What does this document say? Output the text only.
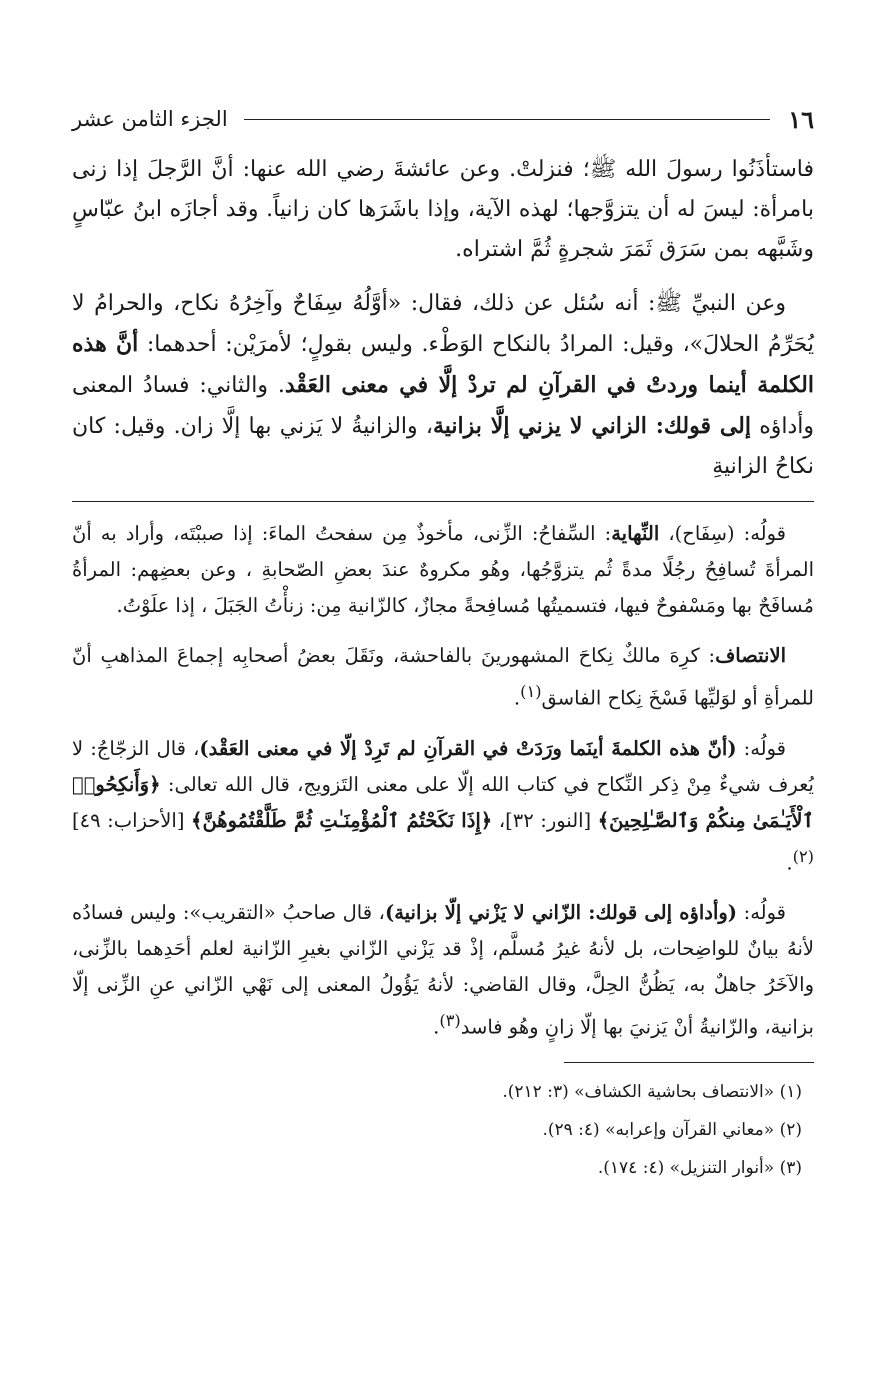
١٦
الجزء الثامن عشر

فاستأذَنُوا رسولَ الله ﷺ؛ فنزلتْ. وعن عائشةَ رضي الله عنها: أنَّ الرَّجلَ إذا زنى بامرأة: ليسَ له أن يتزوَّجها؛ لهذه الآية، وإذا باشَرَها كان زانياً. وقد أجازَه ابنُ عبّاسٍ وشَبَّهه بمن سَرَق ثَمَرَ شجرةٍ ثُمَّ اشتراه.

وعن النبيِّ ﷺ: أنه سُئل عن ذلك، فقال: «أوَّلُهُ سِفَاحٌ وآخِرُهُ نكاح، والحرامُ لا يُحَرِّمُ الحلالَ»، وقيل: المرادُ بالنكاح الوَطْء. وليس بقولٍ؛ لأمرَيْن: أحدهما: أنَّ هذه الكلمة أينما وردتْ في القرآنِ لم تردْ إلَّا في معنى العَقْد. والثاني: فسادُ المعنى وأداؤه إلى قولك: الزاني لا يزني إلَّا بزانية، والزانيةُ لا يَزني بها إلَّا زان. وقيل: كان نكاحُ الزانيةِ

قولُه: (سِفَاح)، النِّهاية: السِّفاحُ: الزِّنى، مأخوذٌ مِن سفحتُ الماءَ: إذا صببْتَه، وأراد به أنّ المرأةَ تُسافِحُ رجُلًا مدةً ثُم يتزوَّجُها، وهُو مكروهٌ عندَ بعضِ الصّحابةِ ، وعن بعضِهم: المرأةُ مُسافَحٌ بها ومَسْفوحٌ فيها، فتسميتُها مُسافِحةً مجازٌ، كالزّانية مِن: زنأْتُ الجَبَلَ ، إذا علَوْتُ.

الانتصاف: كرِهَ مالكٌ نِكاحَ المشهورينَ بالفاحشة، ونَقَلَ بعضُ أصحابِه إجماعَ المذاهبِ أنّ للمرأةِ أو لوَليِّها فَسْخَ نِكاح الفاسق$^{(١)}$.

قولُه: (أنّ هذه الكلمةَ أينَما ورَدَتْ في القرآنِ لم تَرِدْ إلّا في معنى العَقْد)، قال الزجّاجُ: لا يُعرف شيءٌ مِنْ ذِكر النِّكاح في كتاب الله إلّا على معنى التَزويج، قال الله تعالى: ﴿وَأَنكِحُوا۟ ٱلْأَيَـٰمَىٰ مِنكُمْ وَٱلصَّـٰلِحِينَ﴾ [النور: ٣٢]، ﴿إِذَا نَكَحْتُمُ ٱلْمُؤْمِنَـٰتِ ثُمَّ طَلَّقْتُمُوهُنَّ﴾ [الأحزاب: ٤٩]$^{(٢)}$.

قولُه: (وأداؤه إلى قولك: الزّاني لا يَزْني إلّا بزانية)، قال صاحبُ «التقريب»: وليس فسادُه لأنهُ بيانٌ للواضِحات، بل لأنهُ غيرُ مُسلَّم، إذْ قد يَزْني الزّاني بغيرِ الزّانية لعلم أحَدِهما بالزِّنى، والآخَرُ جاهلٌ به، يَظُنُّ الحِلَّ، وقال القاضي: لأنهُ يَؤُولُ المعنى إلى نَهْي الزّاني عنِ الزِّنى إلّا بزانية، والزّانيةُ أنْ يَزنيَ بها إلّا زانٍ وهُو فاسد$^{(٣)}$.

(١) «الانتصاف بحاشية الكشاف» (٣: ٢١٢).
(٢) «معاني القرآن وإعرابه» (٤: ٢٩).
(٣) «أنوار التنزيل» (٤: ١٧٤).
